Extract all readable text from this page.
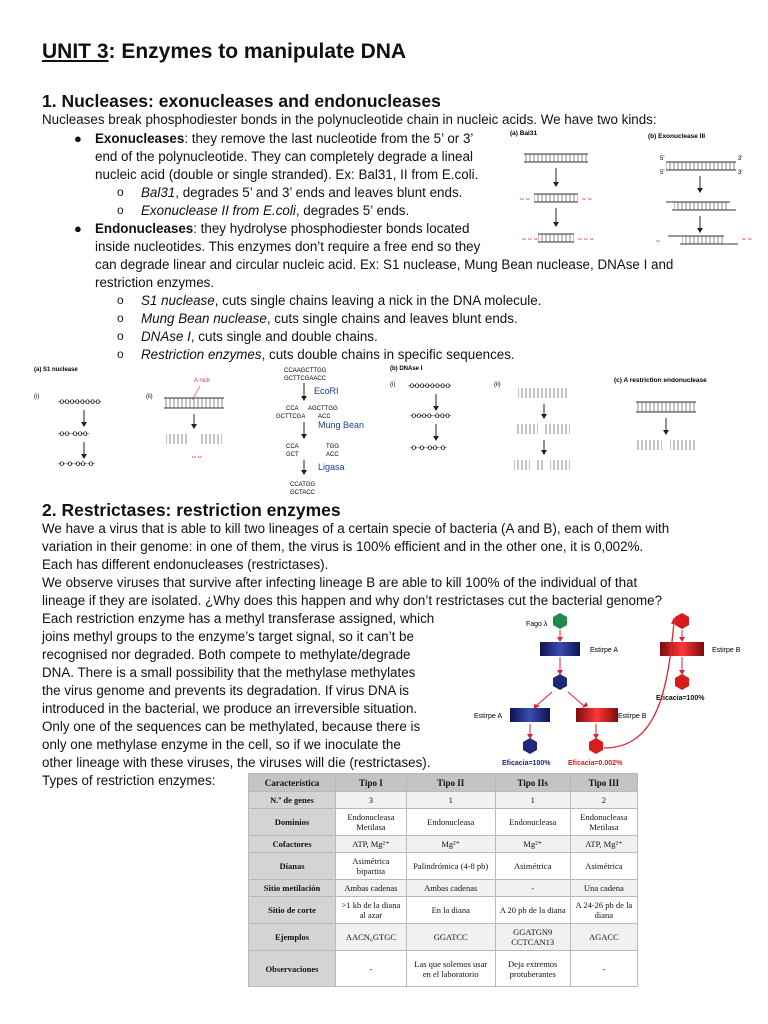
UNIT 3: Enzymes to manipulate DNA
1. Nucleases: exonucleases and endonucleases
Nucleases break phosphodiester bonds in the polynucleotide chain in nucleic acids. We have two kinds:
● Exonucleases: they remove the last nucleotide from the 5’ or 3’
end of the polynucleotide. They can completely degrade a lineal
nucleic acid (double or single stranded). Ex: Bal31, II from E.coli.
o Bal31, degrades 5’ and 3’ ends and leaves blunt ends.
o Exonuclease II from E.coli, degrades 5’ ends.
● Endonucleases: they hydrolyse phosphodiester bonds located
inside nucleotides. This enzymes don’t require a free end so they
can degrade linear and circular nucleic acid. Ex: S1 nuclease, Mung Bean nuclease, DNAse I and
restriction enzymes.
o S1 nuclease, cuts single chains leaving a nick in the DNA molecule.
o Mung Bean nuclease, cuts single chains and leaves blunt ends.
o DNAse I, cuts single and double chains.
o Restriction enzymes, cuts double chains in specific sequences.
(a) Bal31	(b) Exonuclease III
ᴗ ᴗ	ᴗ ᴗ
ᴗ ᴗ ᴗ	ᴗ ᴗ ᴗ
5'	3'
3'
5'
ᴗ	ᴗ ᴗ
(a) S1 nuclease
(i)	(ii)
A nick
-o-o-o-o-o-o-o-o-
-o-o- -o-o-o-
-o- -o- -o-o- -o-
ᴗ ᴗ
CCAAGCTTGG
GCTTCGAACC
EcoRI
CCA AGCTTGG
GCTTCGA ACC
Mung Bean
CCA	TGG
GCT	ACC
Ligasa
CCATGG
GCTACC
(b) DNAse I
(i)	(ii)
-o-o-o-o-o-o-o-o-
-o-o-o-o- -o-o-o-
-o- -o- -o-o- -o-
(c) A restriction endonuclease
2. Restrictases: restriction enzymes
We have a virus that is able to kill two lineages of a certain specie of bacteria (A and B), each of them with
variation in their genome: in one of them, the virus is 100% efficient and in the other one, it is 0,002%.
Each has different endonucleases (restrictases).
We observe viruses that survive after infecting lineage B are able to kill 100% of the individual of that
lineage if they are isolated. ¿Why does this happen and why don’t restrictases cut the bacterial genome?
Each restriction enzyme has a methyl transferase assigned, which
joins methyl groups to the enzyme’s target signal, so it can’t be
recognised nor degraded. Both compete to methylate/degrade
DNA. There is a small possibility that the methylase methylates
the virus genome and prevents its degradation. If virus DNA is
introduced in the bacterial, we produce an irreversible situation.
Only one of the sequences can be methylated, because there is
only one methylase enzyme in the cell, so if we inoculate the
other lineage with these viruses, the viruses will die (restrictases).
Types of restriction enzymes:
Fago λ
Estirpe A
Estirpe A	Estirpe B
Eficacia=100%	Eficacia=0.002%
Estirpe B
Eficacia=100%
Característica	Tipo I	Tipo II	Tipo IIs	Tipo III
N.º de genes	3	1	1	2
Dominios	Endonucleasa Metilasa	Endonucleasa	Endonucleasa	Endonucleasa Metilasa
Cofactores	ATP, Mg²⁺	Mg²⁺	Mg²⁺	ATP, Mg²⁺
Dianas	Asimétrica bipartita	Palindrómica (4-8 pb)	Asimétrica	Asimétrica
Sitio metilación	Ambas cadenas	Ambas cadenas	-	Una cadena
Sitio de corte	>1 kb de la diana al azar	En la diana	A 20 pb de la diana	A 24-26 pb de la diana
Ejemplos	AACN₆GTGC	GGATCC	GGATGN9 CCTCAN13	AGACC
Observaciones	-	Las que solemos usar en el laboratorio	Deja extremos protuberantes	-
